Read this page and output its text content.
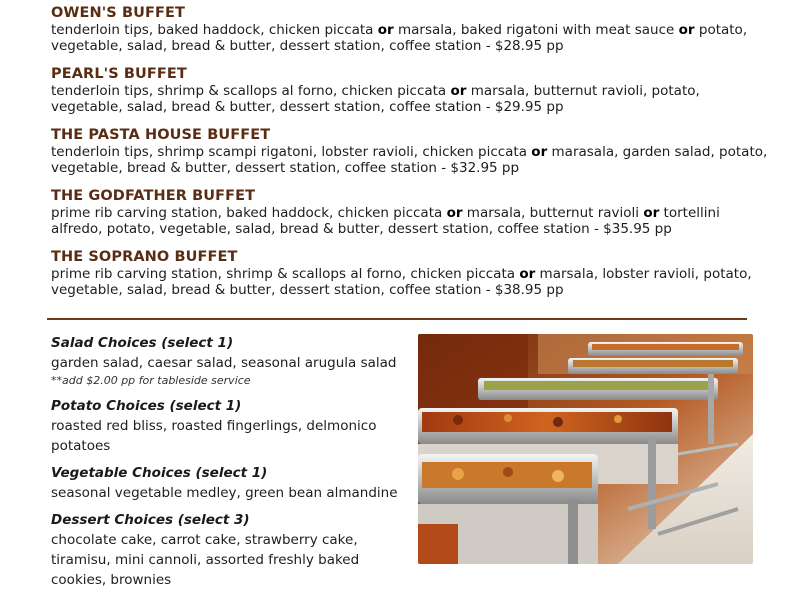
OWEN'S BUFFET
tenderloin tips, baked haddock, chicken piccata or marsala, baked rigatoni with meat sauce or potato, vegetable, salad, bread & butter, dessert station, coffee station - $28.95 pp
PEARL'S BUFFET
tenderloin tips, shrimp & scallops al forno, chicken piccata or marsala, butternut ravioli, potato, vegetable, salad, bread & butter, dessert station, coffee station - $29.95 pp
THE PASTA HOUSE BUFFET
tenderloin tips, shrimp scampi rigatoni, lobster ravioli, chicken piccata or marasala, garden salad, potato, vegetable, bread & butter, dessert station, coffee station - $32.95 pp
THE GODFATHER BUFFET
prime rib carving station, baked haddock, chicken piccata or marsala, butternut ravioli or tortellini alfredo, potato, vegetable, salad, bread & butter, dessert station, coffee station - $35.95 pp
THE SOPRANO BUFFET
prime rib carving station, shrimp & scallops al forno, chicken piccata or marsala, lobster ravioli, potato, vegetable, salad, bread & butter, dessert station, coffee station - $38.95 pp
Salad Choices (select 1)
garden salad, caesar salad, seasonal arugula salad
**add $2.00 pp for tableside service
Potato Choices (select 1)
roasted red bliss, roasted fingerlings, delmonico potatoes
Vegetable Choices (select 1)
seasonal vegetable medley, green bean almandine
Dessert Choices (select 3)
chocolate cake, carrot cake, strawberry cake, tiramisu, mini cannoli, assorted freshly baked cookies, brownies
